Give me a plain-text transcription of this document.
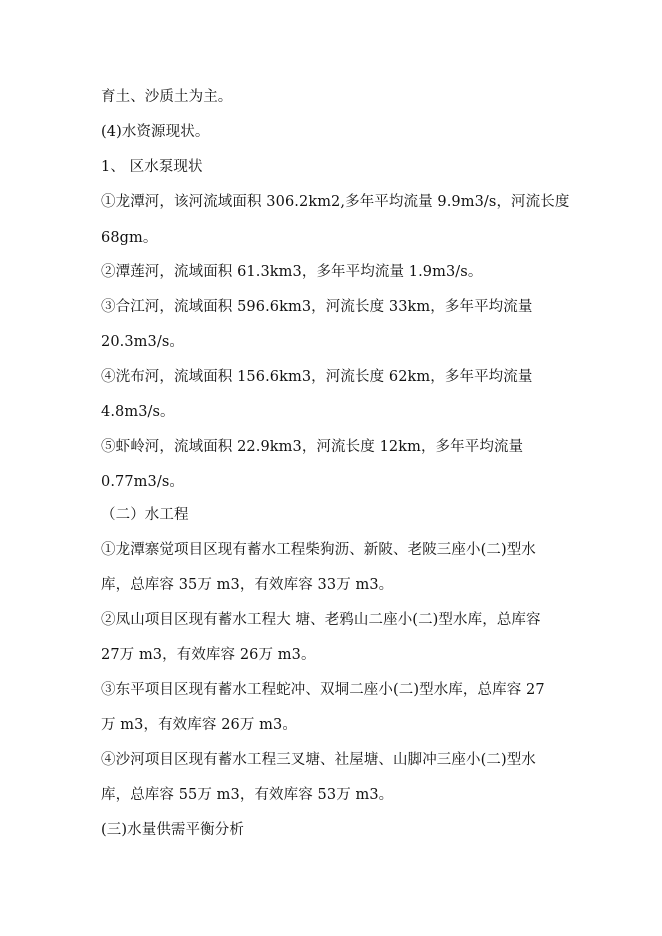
育土、沙质土为主。
(4)水资源现状。
1、 区水泵现状
①龙潭河，该河流域面积 306.2km2,多年平均流量 9.9m3/s，河流长度
68gm。
②潭莲河，流域面积 61.3km3，多年平均流量 1.9m3/s。
③合江河，流域面积 596.6km3，河流长度 33km，多年平均流量
20.3m3/s。
④洸布河，流域面积 156.6km3，河流长度 62km，多年平均流量
4.8m3/s。
⑤虾岭河，流域面积 22.9km3，河流长度 12km，多年平均流量
0.77m3/s。
（二）水工程
①龙潭寨觉项目区现有蓄水工程柴狗沥、新陂、老陂三座小(二)型水
库，总库容 35万 m3，有效库容 33万 m3。
②凤山项目区现有蓄水工程大 塘、老鸦山二座小(二)型水库，总库容
27万 m3，有效库容 26万 m3。
③东平项目区现有蓄水工程蛇冲、双垌二座小(二)型水库，总库容 27
万 m3，有效库容 26万 m3。
④沙河项目区现有蓄水工程三叉塘、社屋塘、山脚冲三座小(二)型水
库，总库容 55万 m3，有效库容 53万 m3。
(三)水量供需平衡分析
